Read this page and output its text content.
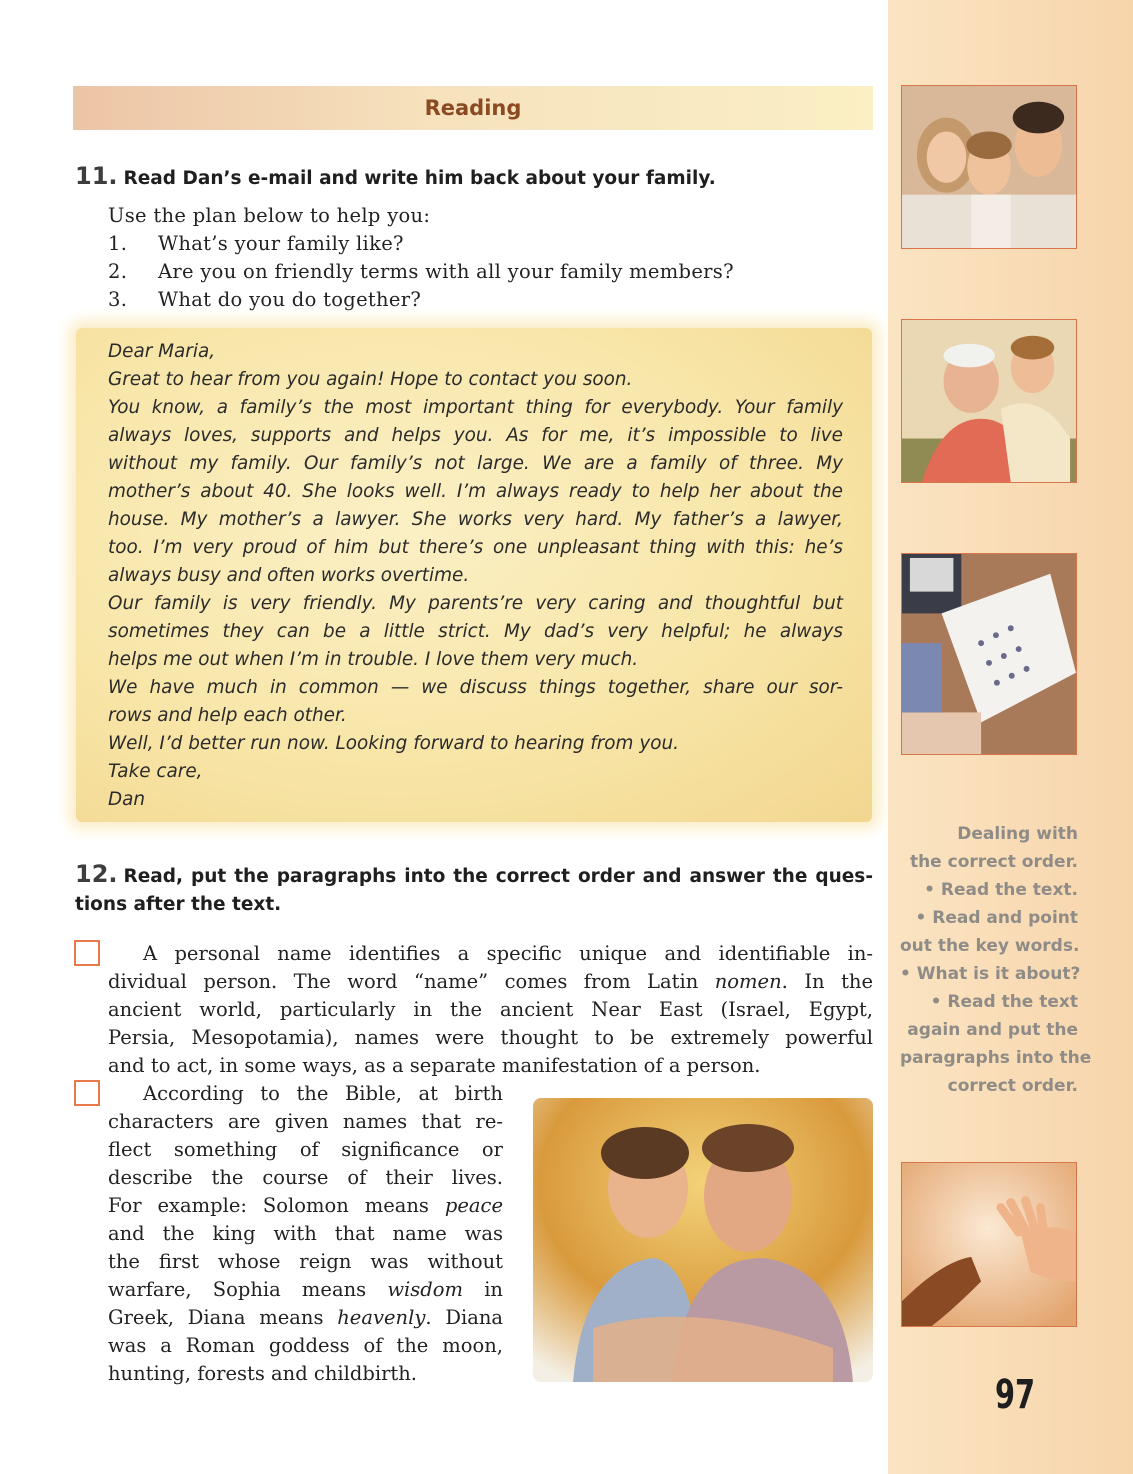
Dealing with
the correct order.
• Read the text.
• Read and point
out the key words.
• What is it about?
• Read the text
again and put the
paragraphs into the
correct order.
97
Reading
11. Read Dan’s e-mail and write him back about your family.
Use the plan below to help you:
1. What’s your family like?
2. Are you on friendly terms with all your family members?
3. What do you do together?
Dear Maria,
Great to hear from you again! Hope to contact you soon.
You know, a family’s the most important thing for everybody. Your family
always loves, supports and helps you. As for me, it’s impossible to live
without my family. Our family’s not large. We are a family of three. My
mother’s about 40. She looks well. I’m always ready to help her about the
house. My mother’s a lawyer. She works very hard. My father’s a lawyer,
too. I’m very proud of him but there’s one unpleasant thing with this: he’s
always busy and often works overtime.
Our family is very friendly. My parents’re very caring and thoughtful but
sometimes they can be a little strict. My dad’s very helpful; he always
helps me out when I’m in trouble. I love them very much.
We have much in common — we discuss things together, share our sor-
rows and help each other.
Well, I’d better run now. Looking forward to hearing from you.
Take care,
Dan
12. Read, put the paragraphs into the correct order and answer the ques-
tions after the text.
A personal name identifies a specific unique and identifiable in-
dividual person. The word “name” comes from Latin nomen. In the
ancient world, particularly in the ancient Near East (Israel, Egypt,
Persia, Mesopotamia), names were thought to be extremely powerful
and to act, in some ways, as a separate manifestation of a person.
According to the Bible, at birth
characters are given names that re-
flect something of significance or
describe the course of their lives.
For example: Solomon means peace
and the king with that name was
the first whose reign was without
warfare, Sophia means wisdom in
Greek, Diana means heavenly. Diana
was a Roman goddess of the moon,
hunting, forests and childbirth.
